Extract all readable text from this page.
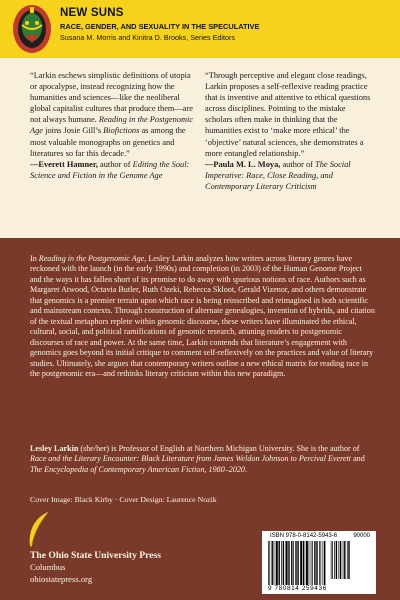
NEW SUNS
RACE, GENDER, AND SEXUALITY IN THE SPECULATIVE
Susana M. Morris and Kinitra D. Brooks, Series Editors

“Larkin eschews simplistic definitions of utopia or apocalypse, instead recognizing how the humanities and sciences—like the neoliberal global capitalist cultures that produce them—are not always humane. Reading in the Postgenomic Age joins Josie Gill’s Biofictions as among the most valuable monographs on genetics and literatures so far this decade.”

—Everett Hamner, author of Editing the Soul: Science and Fiction in the Genome Age

“Through perceptive and elegant close readings, Larkin proposes a self-reflexive reading practice that is inventive and attentive to ethical questions across disciplines. Pointing to the mistake scholars often make in thinking that the humanities exist to ‘make more ethical’ the ‘objective’ natural sciences, she demonstrates a more entangled relationship.”

—Paula M. L. Moya, author of The Social Imperative: Race, Close Reading, and Contemporary Literary Criticism

In Reading in the Postgenomic Age, Lesley Larkin analyzes how writers across literary genres have reckoned with the launch (in the early 1990s) and completion (in 2003) of the Human Genome Project and the ways it has fallen short of its promise to do away with spurious notions of race. Authors such as Margaret Atwood, Octavia Butler, Ruth Ozeki, Rebecca Skloot, Gerald Vizenor, and others demonstrate that genomics is a premier terrain upon which race is being reinscribed and reimagined in both scientific and mainstream contexts. Through construction of alternate genealogies, invention of hybrids, and citation of the textual metaphors replete within genomic discourse, these writers have illuminated the ethical, cultural, social, and political ramifications of genomic research, attuning readers to postgenomic discourses of race and power. At the same time, Larkin contends that literature’s engagement with genomics goes beyond its initial critique to comment self-reflexively on the practices and value of literary studies. Ultimately, she argues that contemporary writers outline a new ethical matrix for reading race in the postgenomic era—and rethinks literary criticism within this new paradigm.

Lesley Larkin (she/her) is Professor of English at Northern Michigan University. She is the author of Race and the Literary Encounter: Black Literature from James Weldon Johnson to Percival Everett and The Encyclopedia of Contemporary American Fiction, 1980–2020.

Cover Image: Black Kirby · Cover Design: Laurence Nozik
The Ohio State University Press
Columbus
ohiostatepress.org
ISBN 978-0-8142-5943-6	90000
9 780814 259436
